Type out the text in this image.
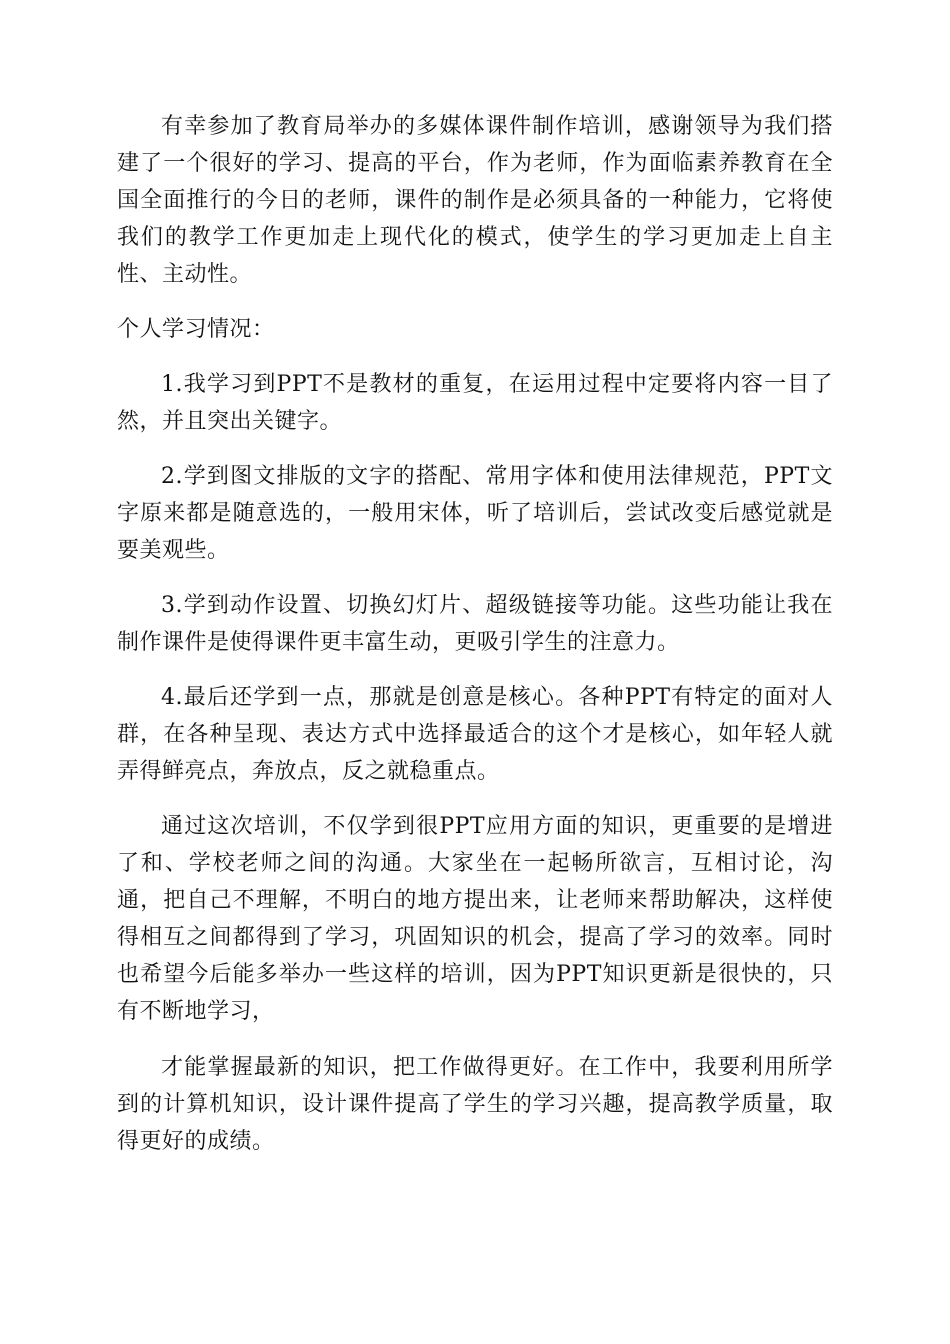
有幸参加了教育局举办的多媒体课件制作培训，感谢领导为我们搭建了一个很好的学习、提高的平台，作为老师，作为面临素养教育在全国全面推行的今日的老师，课件的制作是必须具备的一种能力，它将使我们的教学工作更加走上现代化的模式，使学生的学习更加走上自主性、主动性。

个人学习情况：

1.我学习到PPT不是教材的重复，在运用过程中定要将内容一目了然，并且突出关键字。

2.学到图文排版的文字的搭配、常用字体和使用法律规范，PPT文字原来都是随意选的，一般用宋体，听了培训后，尝试改变后感觉就是要美观些。

3.学到动作设置、切换幻灯片、超级链接等功能。这些功能让我在制作课件是使得课件更丰富生动，更吸引学生的注意力。

4.最后还学到一点，那就是创意是核心。各种PPT有特定的面对人群，在各种呈现、表达方式中选择最适合的这个才是核心，如年轻人就弄得鲜亮点，奔放点，反之就稳重点。

通过这次培训，不仅学到很PPT应用方面的知识，更重要的是增进了和、学校老师之间的沟通。大家坐在一起畅所欲言，互相讨论，沟通，把自己不理解，不明白的地方提出来，让老师来帮助解决，这样使得相互之间都得到了学习，巩固知识的机会，提高了学习的效率。同时也希望今后能多举办一些这样的培训，因为PPT知识更新是很快的，只有不断地学习，

才能掌握最新的知识，把工作做得更好。在工作中，我要利用所学到的计算机知识，设计课件提高了学生的学习兴趣，提高教学质量，取得更好的成绩。
